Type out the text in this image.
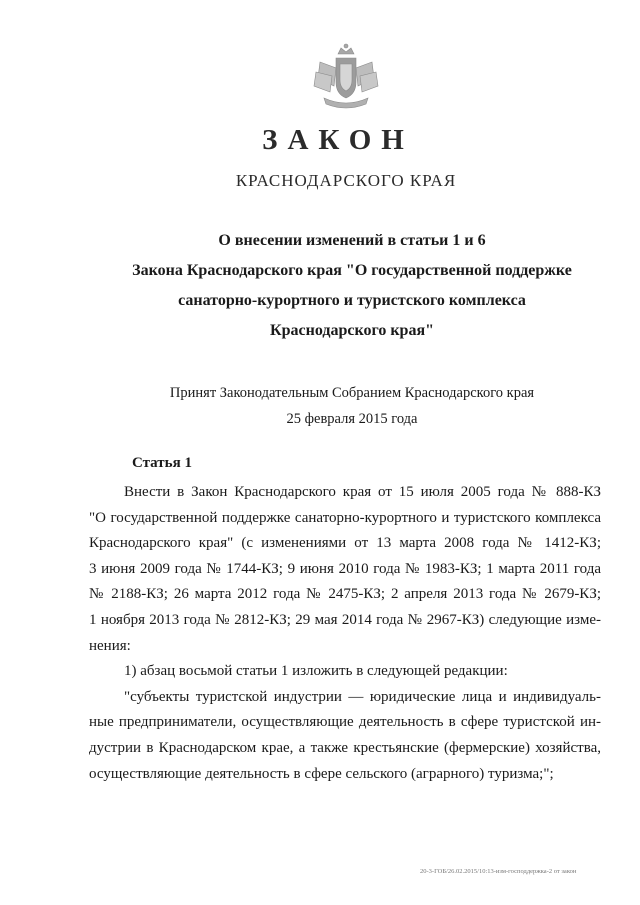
ЗАКОН
КРАСНОДАРСКОГО КРАЯ
О внесении изменений в статьи 1 и 6
Закона Краснодарского края "О государственной поддержке
санаторно-курортного и туристского комплекса
Краснодарского края"
Принят Законодательным Собранием Краснодарского края
25 февраля 2015 года
Статья 1
Внести в Закон Краснодарского края от 15 июля 2005 года № 888-КЗ
"О государственной поддержке санаторно-курортного и туристского комплекса
Краснодарского края" (с изменениями от 13 марта 2008 года № 1412-КЗ;
3 июня 2009 года № 1744-КЗ; 9 июня 2010 года № 1983-КЗ; 1 марта 2011 года
№ 2188-КЗ; 26 марта 2012 года № 2475-КЗ; 2 апреля 2013 года № 2679-КЗ;
1 ноября 2013 года № 2812-КЗ; 29 мая 2014 года № 2967-КЗ) следующие изме-
нения:
1) абзац восьмой статьи 1 изложить в следующей редакции:
"субъекты туристской индустрии — юридические лица и индивидуаль-
ные предприниматели, осуществляющие деятельность в сфере туристской ин-
дустрии в Краснодарском крае, а также крестьянские (фермерские) хозяйства,
осуществляющие деятельность в сфере сельского (аграрного) туризма;";
20-3-ГОБ/26.02.2015/10:13-изм-господдержка-2 от закон
